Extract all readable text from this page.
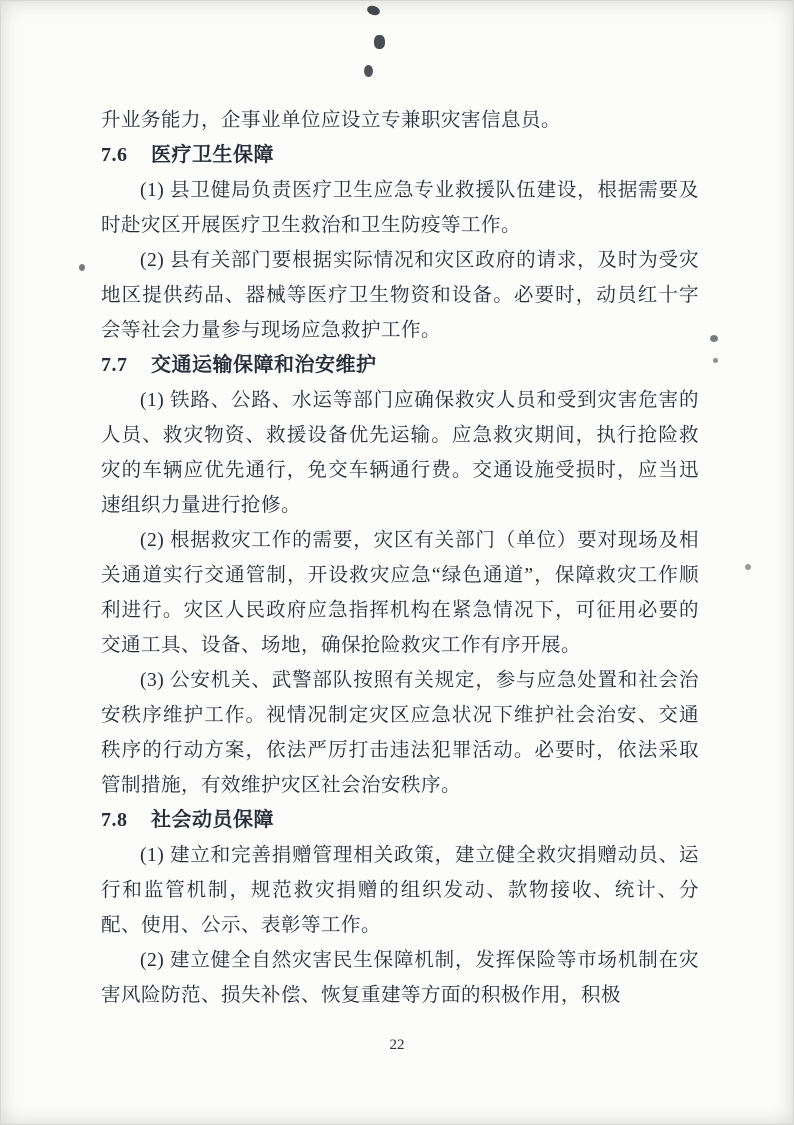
升业务能力，企事业单位应设立专兼职灾害信息员。

7.6 医疗卫生保障

(1) 县卫健局负责医疗卫生应急专业救援队伍建设，根据需要及时赴灾区开展医疗卫生救治和卫生防疫等工作。

(2) 县有关部门要根据实际情况和灾区政府的请求，及时为受灾地区提供药品、器械等医疗卫生物资和设备。必要时，动员红十字会等社会力量参与现场应急救护工作。

7.7 交通运输保障和治安维护

(1) 铁路、公路、水运等部门应确保救灾人员和受到灾害危害的人员、救灾物资、救援设备优先运输。应急救灾期间，执行抢险救灾的车辆应优先通行，免交车辆通行费。交通设施受损时，应当迅速组织力量进行抢修。

(2) 根据救灾工作的需要，灾区有关部门（单位）要对现场及相关通道实行交通管制，开设救灾应急“绿色通道”，保障救灾工作顺利进行。灾区人民政府应急指挥机构在紧急情况下，可征用必要的交通工具、设备、场地，确保抢险救灾工作有序开展。

(3) 公安机关、武警部队按照有关规定，参与应急处置和社会治安秩序维护工作。视情况制定灾区应急状况下维护社会治安、交通秩序的行动方案，依法严厉打击违法犯罪活动。必要时，依法采取管制措施，有效维护灾区社会治安秩序。

7.8 社会动员保障

(1) 建立和完善捐赠管理相关政策，建立健全救灾捐赠动员、运行和监管机制，规范救灾捐赠的组织发动、款物接收、统计、分配、使用、公示、表彰等工作。

(2) 建立健全自然灾害民生保障机制，发挥保险等市场机制在灾害风险防范、损失补偿、恢复重建等方面的积极作用，积极

22
